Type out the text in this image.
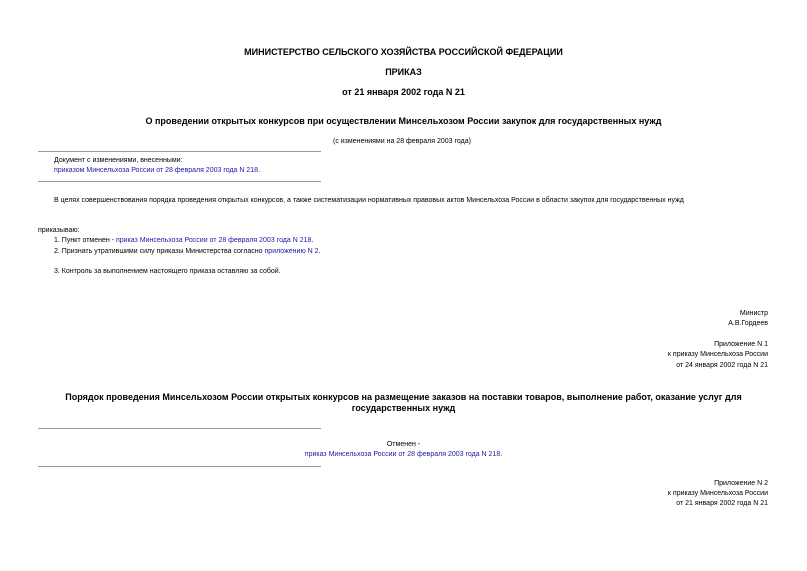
МИНИСТЕРСТВО СЕЛЬСКОГО ХОЗЯЙСТВА РОССИЙСКОЙ ФЕДЕРАЦИИ
ПРИКАЗ
от 21 января 2002 года N 21
О проведении открытых конкурсов при осуществлении Минсельхозом России закупок для государственных нужд
(с изменениями на 28 февраля 2003 года)
Документ с изменениями, внесенными:
приказом Минсельхоза России от 28 февраля 2003 года N 218.
В целях совершенствования порядка проведения открытых конкурсов, а также систематизации нормативных правовых актов Минсельхоза России в области закупок для государственных нужд
приказываю:
1. Пункт отменен - приказ Минсельхоза России от 28 февраля 2003 года N 218.
2. Признать утратившими силу приказы Министерства согласно приложению N 2.
3. Контроль за выполнением настоящего приказа оставляю за собой.
Министр
А.В.Гордеев
Приложение N 1
к приказу Минсельхоза России
от 24 января 2002 года N 21
Порядок проведения Минсельхозом России открытых конкурсов на размещение заказов на поставки товаров, выполнение работ, оказание услуг для
государственных нужд
Отменен -
приказ Минсельхоза России от 28 февраля 2003 года N 218.
Приложение N 2
к приказу Минсельхоза России
от 21 января 2002 года N 21
